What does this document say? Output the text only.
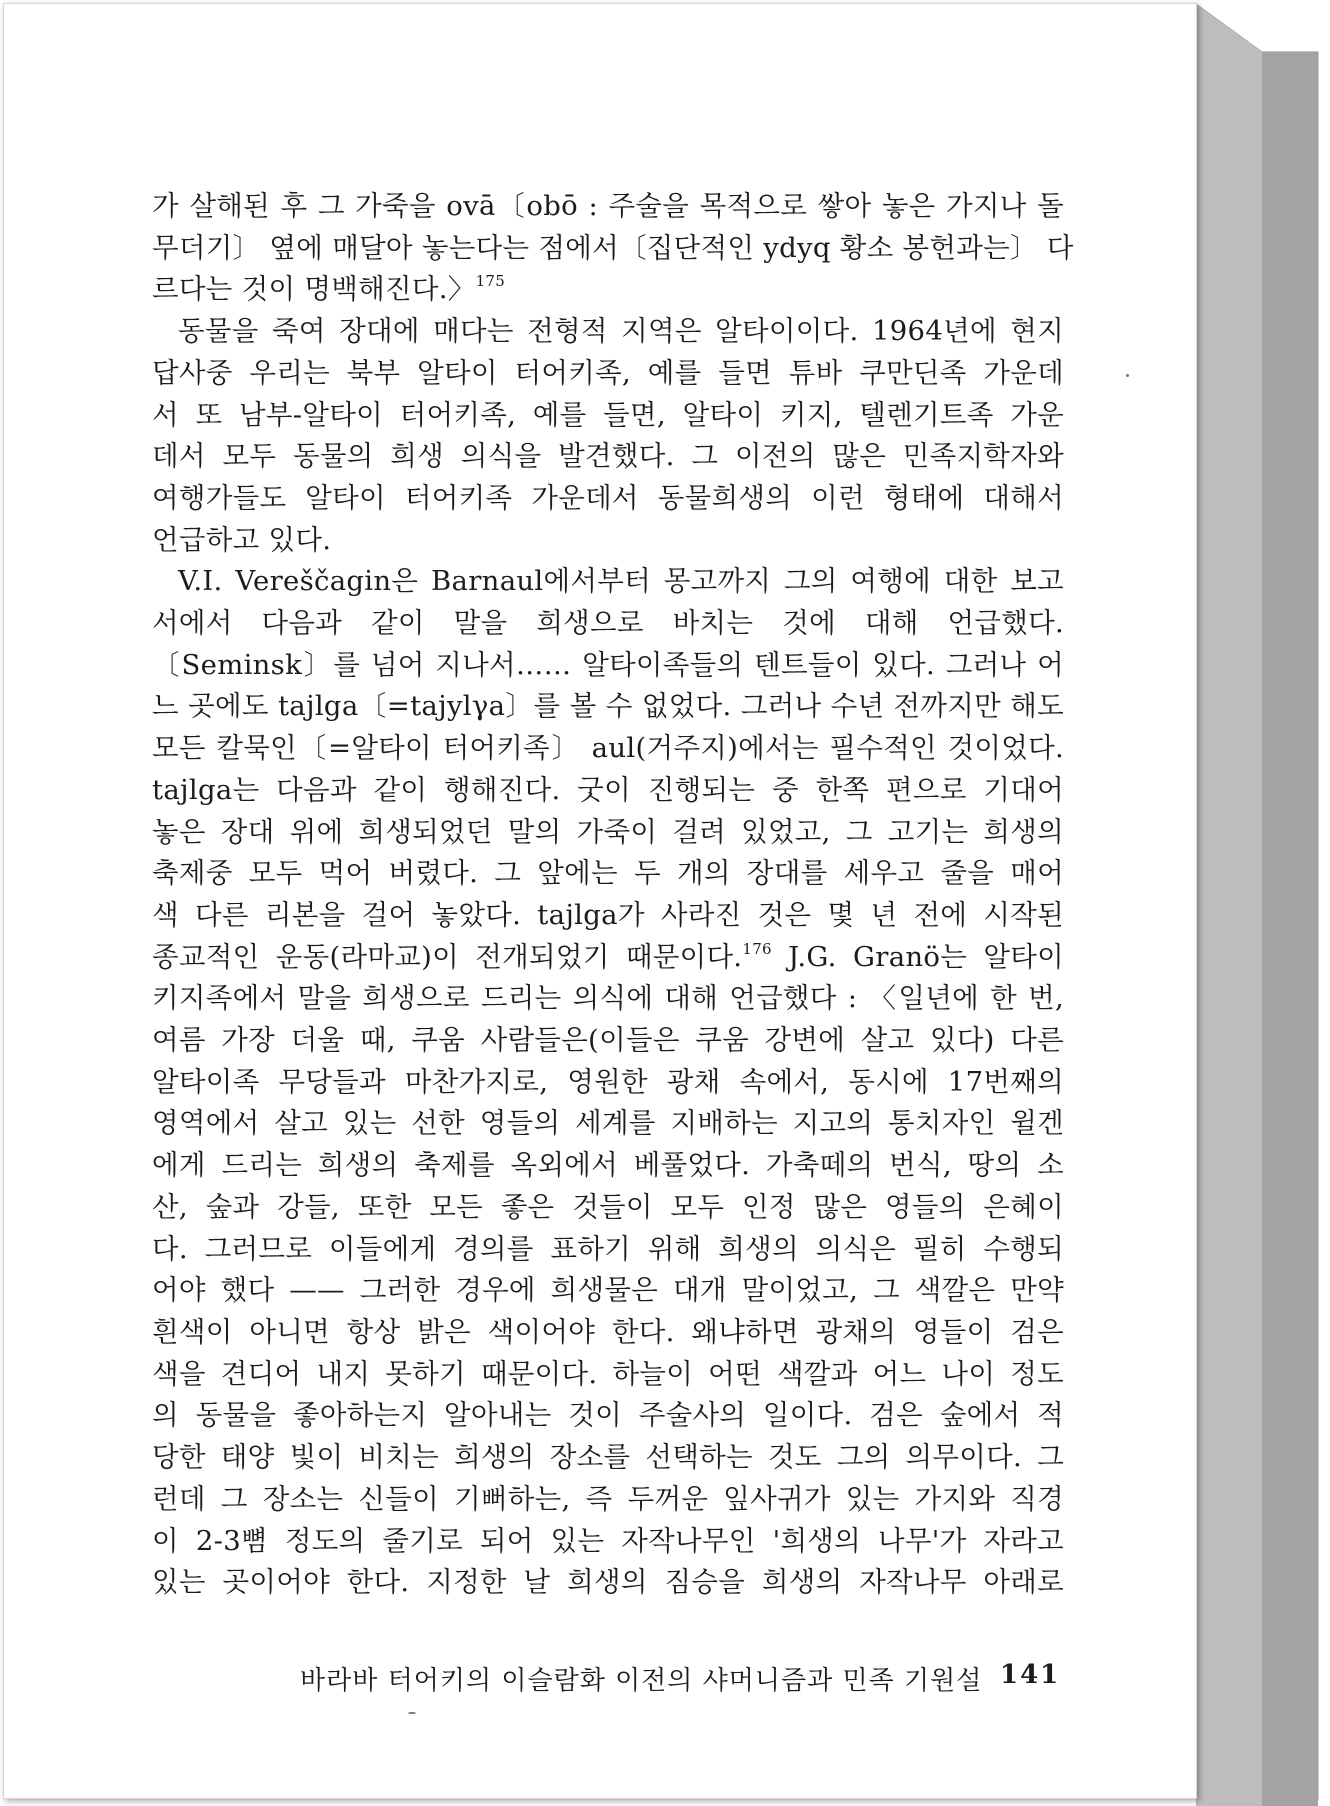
가 살해된 후 그 가죽을 ovā〔obō : 주술을 목적으로 쌓아 놓은 가지나 돌
무더기〕 옆에 매달아 놓는다는 점에서〔집단적인 ydyq 황소 봉헌과는〕 다
르다는 것이 명백해진다.〉$^{175}$
동물을 죽여 장대에 매다는 전형적 지역은 알타이이다. 1964년에 현지
답사중 우리는 북부 알타이 터어키족, 예를 들면 튜바 쿠만딘족 가운데
서 또 남부-알타이 터어키족, 예를 들면, 알타이 키지, 텔렌기트족 가운
데서 모두 동물의 희생 의식을 발견했다. 그 이전의 많은 민족지학자와
여행가들도 알타이 터어키족 가운데서 동물희생의 이런 형태에 대해서
언급하고 있다.
V.I. Vereščagin은 Barnaul에서부터 몽고까지 그의 여행에 대한 보고
서에서 다음과 같이 말을 희생으로 바치는 것에 대해 언급했다.
〔Seminsk〕를 넘어 지나서…… 알타이족들의 텐트들이 있다. 그러나 어
느 곳에도 tajlga〔=tajylγa〕를 볼 수 없었다. 그러나 수년 전까지만 해도
모든 칼묵인〔=알타이 터어키족〕 aul(거주지)에서는 필수적인 것이었다.
tajlga는 다음과 같이 행해진다. 굿이 진행되는 중 한쪽 편으로 기대어
놓은 장대 위에 희생되었던 말의 가죽이 걸려 있었고, 그 고기는 희생의
축제중 모두 먹어 버렸다. 그 앞에는 두 개의 장대를 세우고 줄을 매어
색 다른 리본을 걸어 놓았다. tajlga가 사라진 것은 몇 년 전에 시작된
종교적인 운동(라마교)이 전개되었기 때문이다.$^{176}$ J.G. Granö는 알타이
키지족에서 말을 희생으로 드리는 의식에 대해 언급했다 : 〈일년에 한 번,
여름 가장 더울 때, 쿠움 사람들은(이들은 쿠움 강변에 살고 있다) 다른
알타이족 무당들과 마찬가지로, 영원한 광채 속에서, 동시에 17번째의
영역에서 살고 있는 선한 영들의 세계를 지배하는 지고의 통치자인 윌겐
에게 드리는 희생의 축제를 옥외에서 베풀었다. 가축떼의 번식, 땅의 소
산, 숲과 강들, 또한 모든 좋은 것들이 모두 인정 많은 영들의 은혜이
다. 그러므로 이들에게 경의를 표하기 위해 희생의 의식은 필히 수행되
어야 했다 —— 그러한 경우에 희생물은 대개 말이었고, 그 색깔은 만약
흰색이 아니면 항상 밝은 색이어야 한다. 왜냐하면 광채의 영들이 검은
색을 견디어 내지 못하기 때문이다. 하늘이 어떤 색깔과 어느 나이 정도
의 동물을 좋아하는지 알아내는 것이 주술사의 일이다. 검은 숲에서 적
당한 태양 빛이 비치는 희생의 장소를 선택하는 것도 그의 의무이다. 그
런데 그 장소는 신들이 기뻐하는, 즉 두꺼운 잎사귀가 있는 가지와 직경
이 2-3뼘 정도의 줄기로 되어 있는 자작나무인 '희생의 나무'가 자라고
있는 곳이어야 한다. 지정한 날 희생의 짐승을 희생의 자작나무 아래로
바라바 터어키의 이슬람화 이전의 샤머니즘과 민족 기원설 141
